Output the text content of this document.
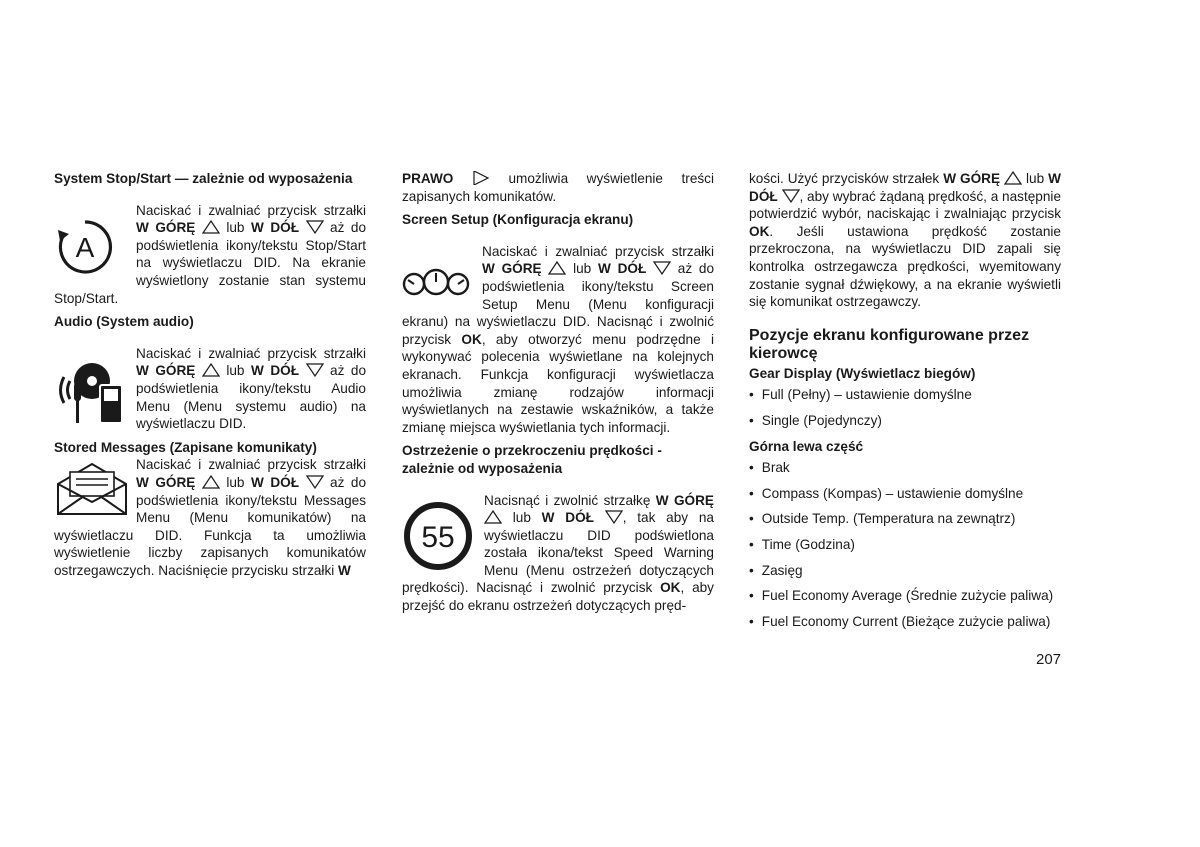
System Stop/Start — zależnie od wyposażenia
A

Naciskać i zwalniać przycisk strzałki W GÓRĘ  lub W DÓŁ  aż do podświetlenia ikony/tekstu Stop/Start na wyświetlaczu DID. Na ekranie wyświetlony zostanie stan systemu Stop/Start.

Audio (System audio)

Naciskać i zwalniać przycisk strzałki W GÓRĘ  lub W DÓŁ  aż do podświetlenia ikony/tekstu Audio Menu (Menu systemu audio) na wyświetlaczu DID.

Stored Messages (Zapisane komunikaty)

Naciskać i zwalniać przycisk strzałki W GÓRĘ  lub W DÓŁ  aż do podświetlenia ikony/tekstu Messages Menu (Menu komunikatów) na wyświetlaczu DID. Funkcja ta umożliwia wyświetlenie liczby zapisanych komunikatów ostrzegawczych. Naciśnięcie przycisku strzałki W

PRAWO	umożliwia wyświetlenie treści zapisanych komunikatów.

Screen Setup (Konfiguracja ekranu)

Naciskać i zwalniać przycisk strzałki W GÓRĘ  lub W DÓŁ  aż do podświetlenia ikony/tekstu Screen Setup Menu (Menu konfiguracji ekranu) na wyświetlaczu DID. Nacisnąć i zwolnić przycisk OK, aby otworzyć menu podrzędne i wykonywać polecenia wyświetlane na kolejnych ekranach. Funkcja konfiguracji wyświetlacza umożliwia zmianę rodzajów informacji wyświetlanych na zestawie wskaźników, a także zmianę miejsca wyświetlania tych informacji.

Ostrzeżenie o przekroczeniu prędkości - zależnie od wyposażenia
55

Nacisnąć i zwolnić strzałkę W GÓRĘ  lub W DÓŁ , tak aby na wyświetlaczu DID podświetlona została ikona/tekst Speed Warning Menu (Menu ostrzeżeń dotyczących prędkości). Nacisnąć i zwolnić przycisk OK, aby przejść do ekranu ostrzeżeń dotyczących pręd-

kości. Użyć przycisków strzałek W GÓRĘ  lub W DÓŁ , aby wybrać żądaną prędkość, a następnie potwierdzić wybór, naciskając i zwalniając przycisk OK. Jeśli ustawiona prędkość zostanie przekroczona, na wyświetlaczu DID zapali się kontrolka ostrzegawcza prędkości, wyemitowany zostanie sygnał dźwiękowy, a na ekranie wyświetli się komunikat ostrzegawczy.

Pozycje ekranu konfigurowane przez kierowcę
Gear Display (Wyświetlacz biegów)
• Full (Pełny) – ustawienie domyślne
• Single (Pojedynczy)
Górna lewa część
• Brak
• Compass (Kompas) – ustawienie domyślne
• Outside Temp. (Temperatura na zewnątrz)
• Time (Godzina)
• Zasięg
• Fuel Economy Average (Średnie zużycie paliwa)
• Fuel Economy Current (Bieżące zużycie paliwa)
207
